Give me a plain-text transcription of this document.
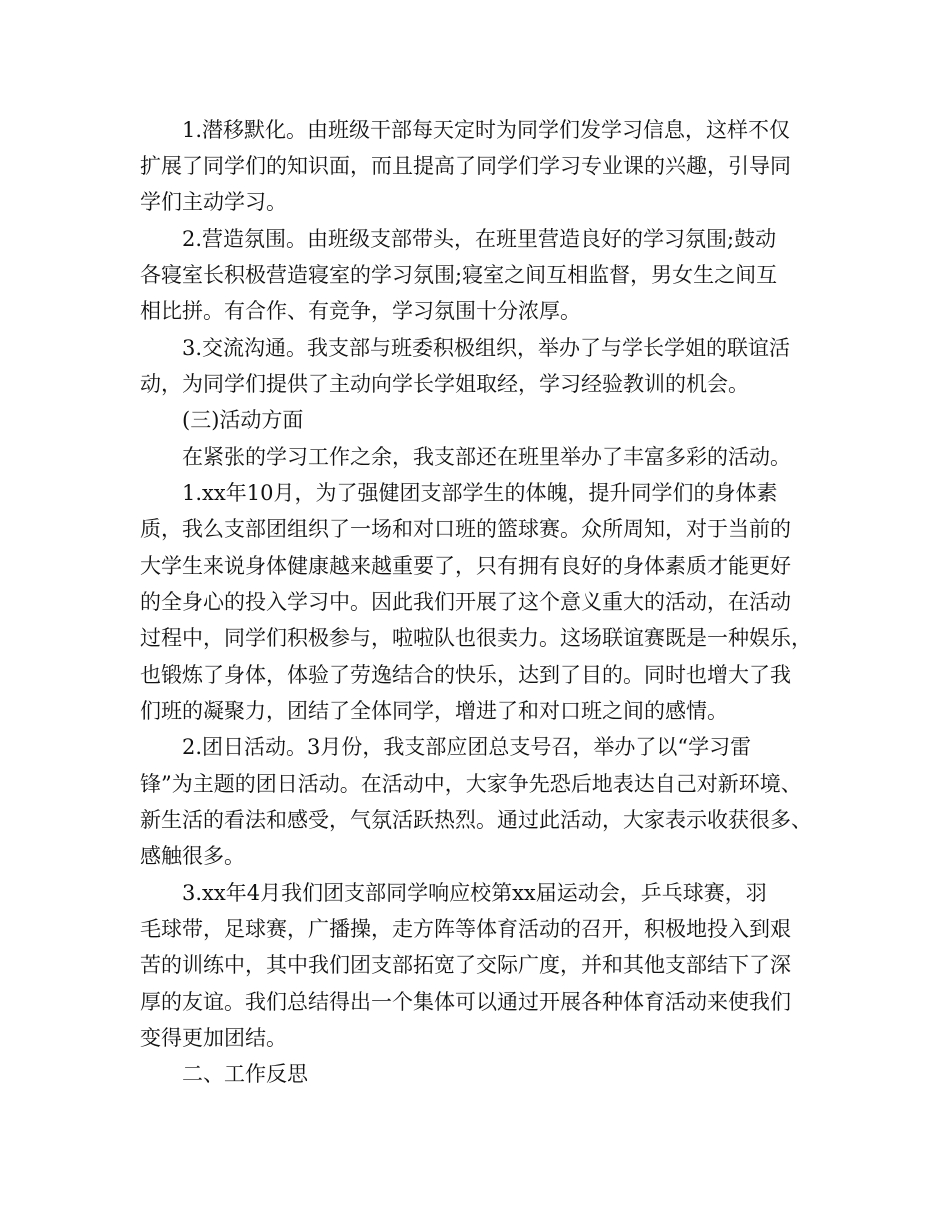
1.潜移默化。由班级干部每天定时为同学们发学习信息，这样不仅
扩展了同学们的知识面，而且提高了同学们学习专业课的兴趣，引导同
学们主动学习。
2.营造氛围。由班级支部带头，在班里营造良好的学习氛围;鼓动
各寝室长积极营造寝室的学习氛围;寝室之间互相监督，男女生之间互
相比拼。有合作、有竞争，学习氛围十分浓厚。
3.交流沟通。我支部与班委积极组织，举办了与学长学姐的联谊活
动，为同学们提供了主动向学长学姐取经，学习经验教训的机会。
(三)活动方面
在紧张的学习工作之余，我支部还在班里举办了丰富多彩的活动。
1.xx年10月，为了强健团支部学生的体魄，提升同学们的身体素
质，我么支部团组织了一场和对口班的篮球赛。众所周知，对于当前的
大学生来说身体健康越来越重要了，只有拥有良好的身体素质才能更好
的全身心的投入学习中。因此我们开展了这个意义重大的活动，在活动
过程中，同学们积极参与，啦啦队也很卖力。这场联谊赛既是一种娱乐，
也锻炼了身体，体验了劳逸结合的快乐，达到了目的。同时也增大了我
们班的凝聚力，团结了全体同学，增进了和对口班之间的感情。
2.团日活动。3月份，我支部应团总支号召，举办了以“学习雷
锋”为主题的团日活动。在活动中，大家争先恐后地表达自己对新环境、
新生活的看法和感受，气氛活跃热烈。通过此活动，大家表示收获很多、
感触很多。
3.xx年4月我们团支部同学响应校第xx届运动会，乒乓球赛，羽
毛球带，足球赛，广播操，走方阵等体育活动的召开，积极地投入到艰
苦的训练中，其中我们团支部拓宽了交际广度，并和其他支部结下了深
厚的友谊。我们总结得出一个集体可以通过开展各种体育活动来使我们
变得更加团结。
二、工作反思
